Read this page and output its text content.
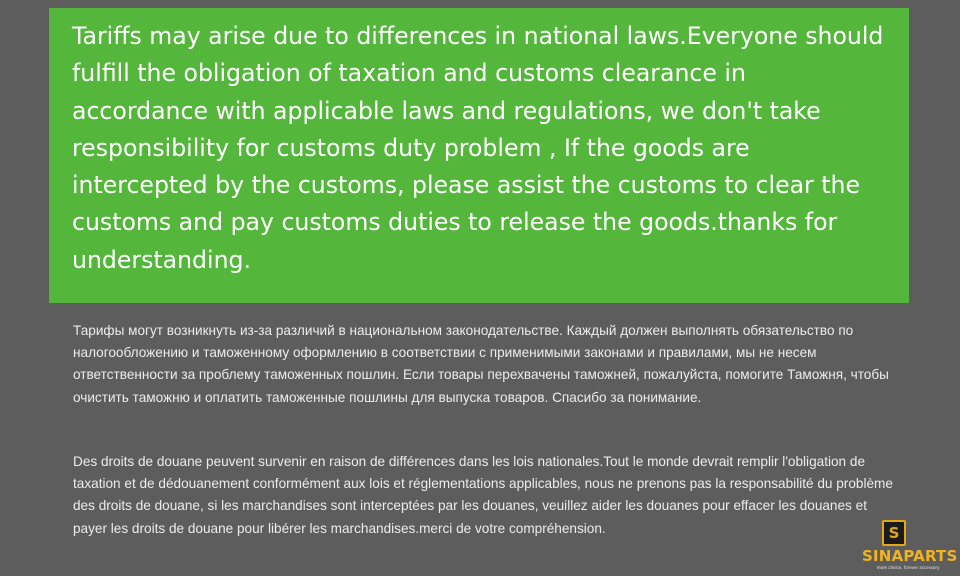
Tariffs may arise due to differences in national laws.Everyone should fulfill the obligation of taxation and customs clearance in accordance with applicable laws and regulations, we don't take responsibility for customs duty problem , If the goods are intercepted by the customs, please assist the customs to clear the customs and pay customs duties to release the goods.thanks for understanding.

Тарифы могут возникнуть из-за различий в национальном законодательстве. Каждый должен выполнять обязательство по налогообложению и таможенному оформлению в соответствии с применимыми законами и правилами, мы не несем ответственности за проблему таможенных пошлин. Если товары перехвачены таможней, пожалуйста, помогите Таможня, чтобы очистить таможню и оплатить таможенные пошлины для выпуска товаров. Спасибо за понимание.

Des droits de douane peuvent survenir en raison de différences dans les lois nationales.Tout le monde devrait remplir l'obligation de taxation et de dédouanement conformément aux lois et réglementations applicables, nous ne prenons pas la responsabilité du problème des droits de douane, si les marchandises sont interceptées par les douanes, veuillez aider les douanes pour effacer les douanes et payer les droits de douane pour libérer les marchandises.merci de votre compréhension.	S
SINAPARTS
more choice, forever accessory
